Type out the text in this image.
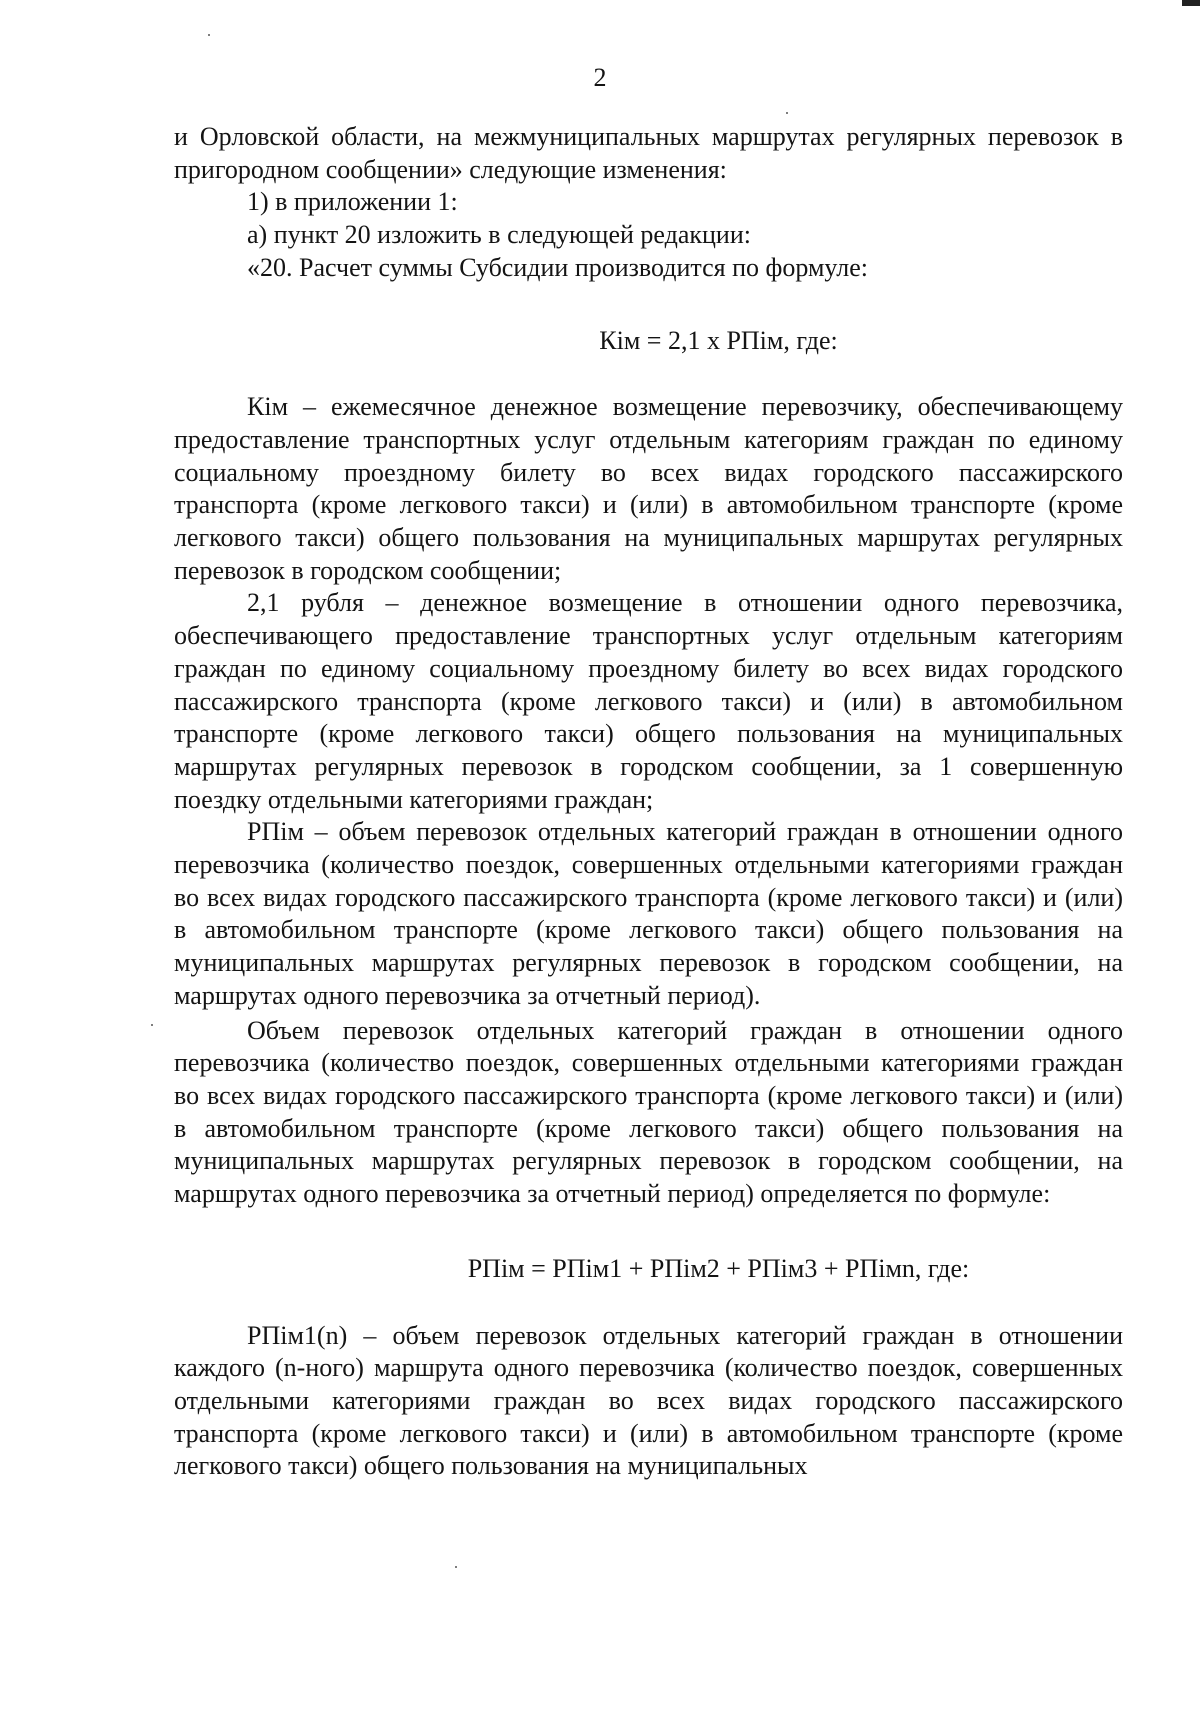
2

и Орловской области, на межмуниципальных маршрутах регулярных перевозок в пригородном сообщении» следующие изменения:

1) в приложении 1:

а) пункт 20 изложить в следующей редакции:

«20. Расчет суммы Субсидии производится по формуле:

Кім = 2,1 х РПім, где:

Кім – ежемесячное денежное возмещение перевозчику, обеспечивающему предоставление транспортных услуг отдельным категориям граждан по единому социальному проездному билету во всех видах городского пассажирского транспорта (кроме легкового такси) и (или) в автомобильном транспорте (кроме легкового такси) общего пользования на муниципальных маршрутах регулярных перевозок в городском сообщении;

2,1 рубля – денежное возмещение в отношении одного перевозчика, обеспечивающего предоставление транспортных услуг отдельным категориям граждан по единому социальному проездному билету во всех видах городского пассажирского транспорта (кроме легкового такси) и (или) в автомобильном транспорте (кроме легкового такси) общего пользования на муниципальных маршрутах регулярных перевозок в городском сообщении, за 1 совершенную поездку отдельными категориями граждан;

РПім – объем перевозок отдельных категорий граждан в отношении одного перевозчика (количество поездок, совершенных отдельными категориями граждан во всех видах городского пассажирского транспорта (кроме легкового такси) и (или) в автомобильном транспорте (кроме легкового такси) общего пользования на муниципальных маршрутах регулярных перевозок в городском сообщении, на маршрутах одного перевозчика за отчетный период).

Объем перевозок отдельных категорий граждан в отношении одного перевозчика (количество поездок, совершенных отдельными категориями граждан во всех видах городского пассажирского транспорта (кроме легкового такси) и (или) в автомобильном транспорте (кроме легкового такси) общего пользования на муниципальных маршрутах регулярных перевозок в городском сообщении, на маршрутах одного перевозчика за отчетный период) определяется по формуле:

РПім = РПім1 + РПім2 + РПім3 + РПімn, где:

РПім1(n) – объем перевозок отдельных категорий граждан в отношении каждого (n-ного) маршрута одного перевозчика (количество поездок, совершенных отдельными категориями граждан во всех видах городского пассажирского транспорта (кроме легкового такси) и (или) в автомобильном транспорте (кроме легкового такси) общего пользования на муниципальных
